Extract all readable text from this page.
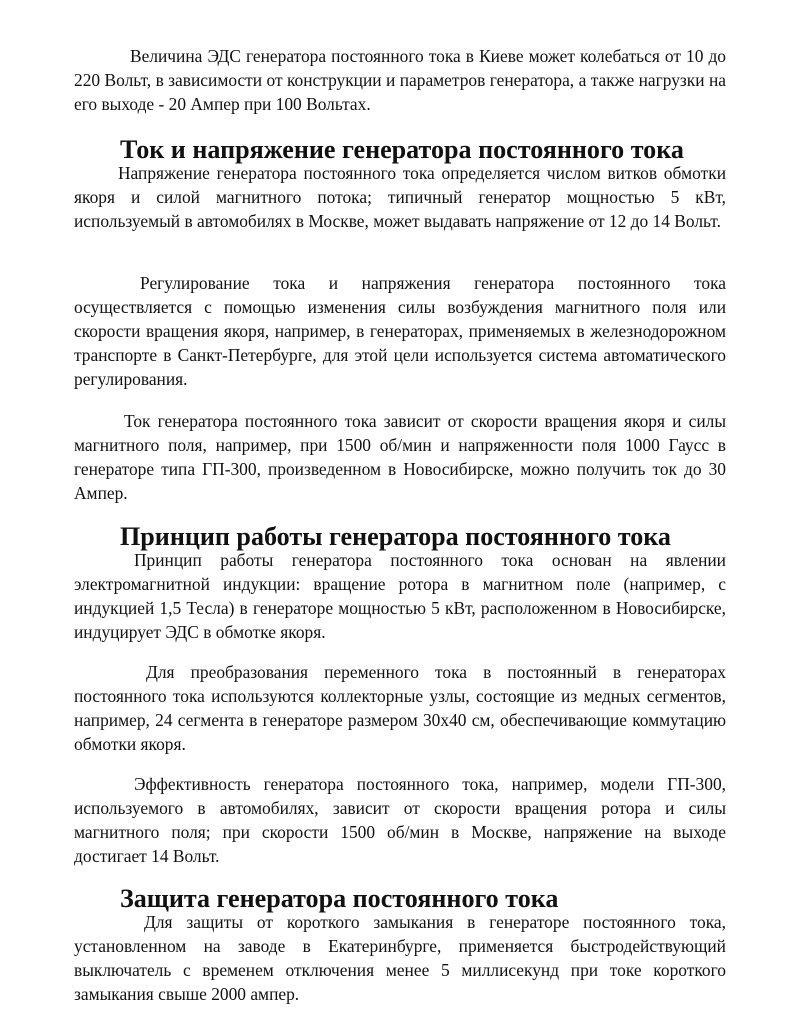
Величина ЭДС генератора постоянного тока в Киеве может колебаться от 10 до 220 Вольт, в зависимости от конструкции и параметров генератора, а также нагрузки на его выходе - 20 Ампер при 100 Вольтах.

Ток и напряжение генератора постоянного тока

Напряжение генератора постоянного тока определяется числом витков обмотки якоря и силой магнитного потока; типичный генератор мощностью 5 кВт, используемый в автомобилях в Москве, может выдавать напряжение от 12 до 14 Вольт.

Регулирование тока и напряжения генератора постоянного тока осуществляется с помощью изменения силы возбуждения магнитного поля или скорости вращения якоря, например, в генераторах, применяемых в железнодорожном транспорте в Санкт-Петербурге, для этой цели используется система автоматического регулирования.

Ток генератора постоянного тока зависит от скорости вращения якоря и силы магнитного поля, например, при 1500 об/мин и напряженности поля 1000 Гаусс в генераторе типа ГП-300, произведенном в Новосибирске, можно получить ток до 30 Ампер.

Принцип работы генератора постоянного тока

Принцип работы генератора постоянного тока основан на явлении электромагнитной индукции: вращение ротора в магнитном поле (например, с индукцией 1,5 Тесла) в генераторе мощностью 5 кВт, расположенном в Новосибирске, индуцирует ЭДС в обмотке якоря.

Для преобразования переменного тока в постоянный в генераторах постоянного тока используются коллекторные узлы, состоящие из медных сегментов, например, 24 сегмента в генераторе размером 30х40 см, обеспечивающие коммутацию обмотки якоря.

Эффективность генератора постоянного тока, например, модели ГП-300, используемого в автомобилях, зависит от скорости вращения ротора и силы магнитного поля; при скорости 1500 об/мин в Москве, напряжение на выходе достигает 14 Вольт.

Защита генератора постоянного тока

Для защиты от короткого замыкания в генераторе постоянного тока, установленном на заводе в Екатеринбурге, применяется быстродействующий выключатель с временем отключения менее 5 миллисекунд при токе короткого замыкания свыше 2000 ампер.
